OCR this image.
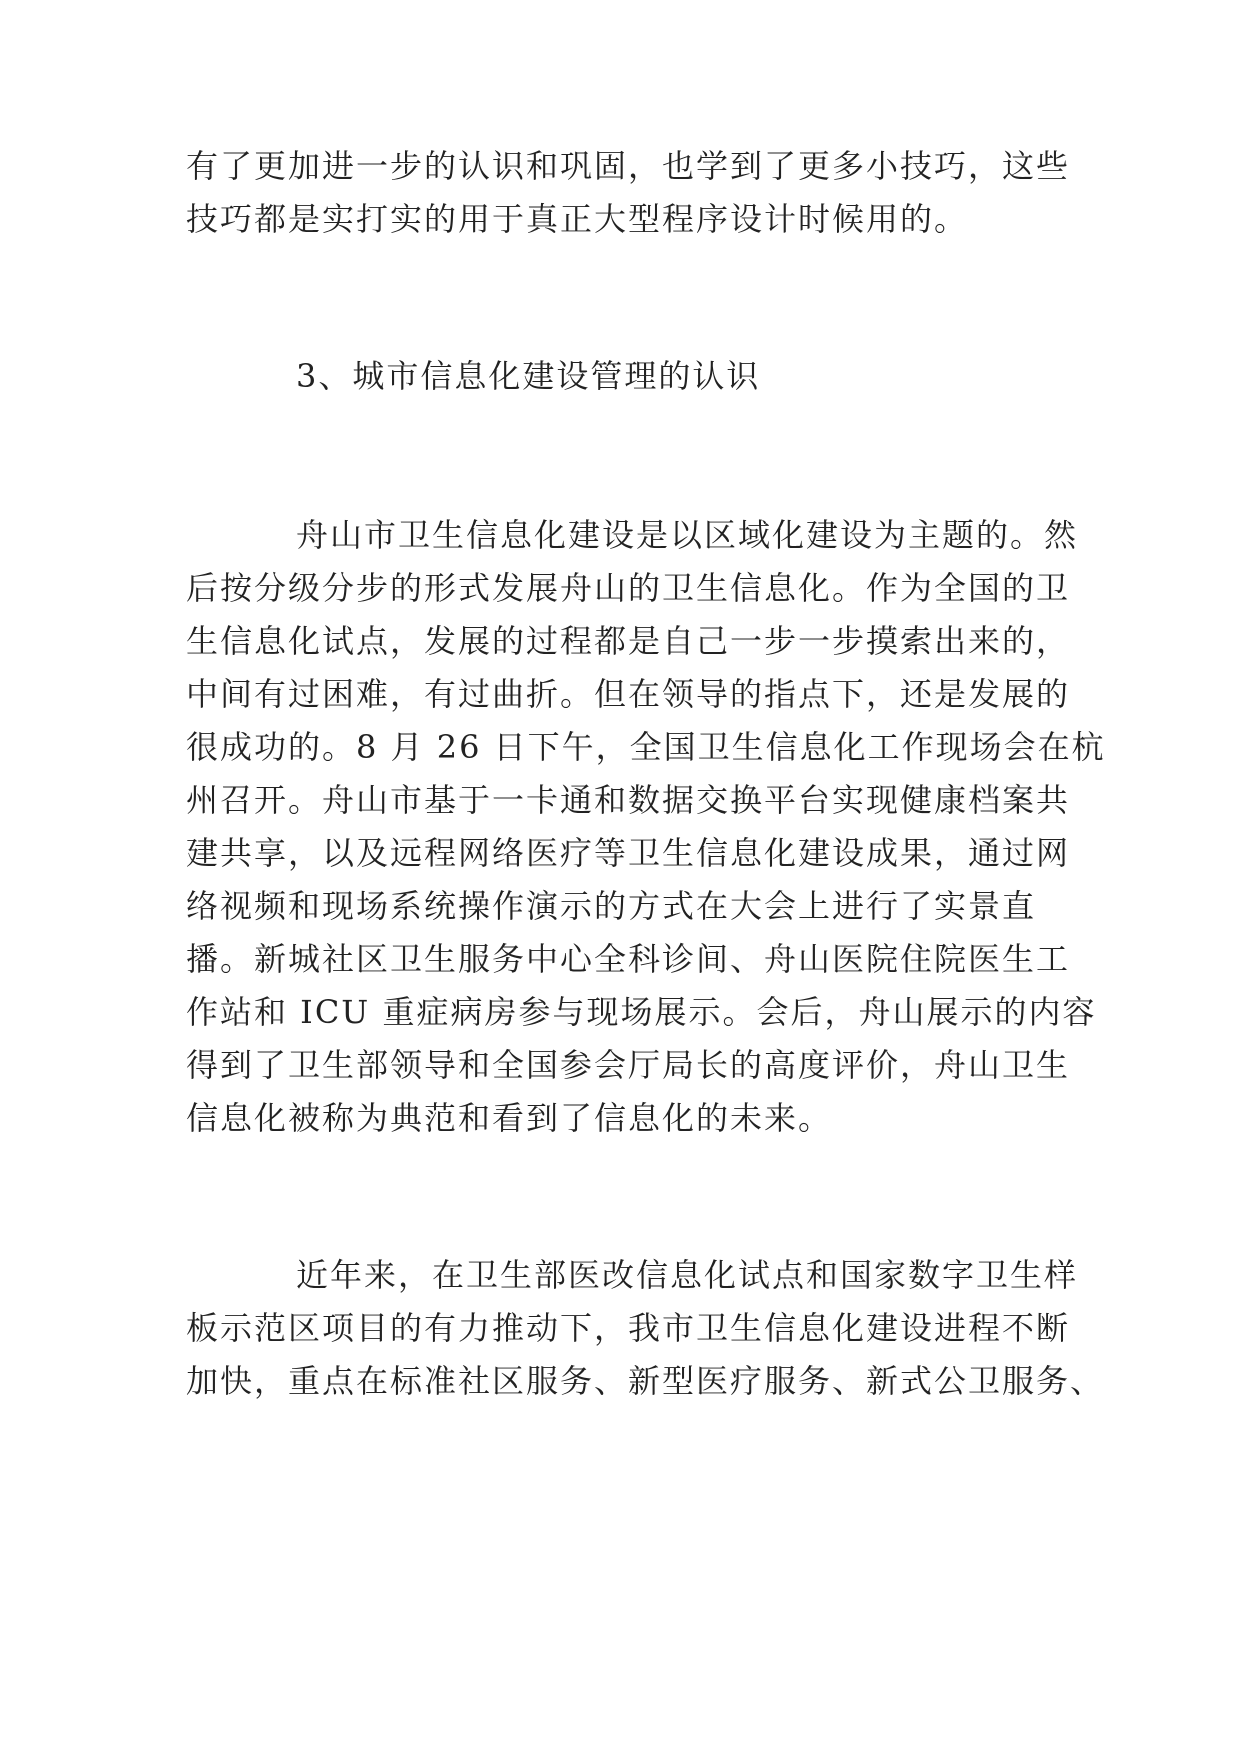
有了更加进一步的认识和巩固，也学到了更多小技巧，这些
技巧都是实打实的用于真正大型程序设计时候用的。
3、城市信息化建设管理的认识
舟山市卫生信息化建设是以区域化建设为主题的。然
后按分级分步的形式发展舟山的卫生信息化。作为全国的卫
生信息化试点，发展的过程都是自己一步一步摸索出来的，
中间有过困难，有过曲折。但在领导的指点下，还是发展的
很成功的。8 月 26 日下午，全国卫生信息化工作现场会在杭
州召开。舟山市基于一卡通和数据交换平台实现健康档案共
建共享，以及远程网络医疗等卫生信息化建设成果，通过网
络视频和现场系统操作演示的方式在大会上进行了实景直
播。新城社区卫生服务中心全科诊间、舟山医院住院医生工
作站和 ICU 重症病房参与现场展示。会后，舟山展示的内容
得到了卫生部领导和全国参会厅局长的高度评价，舟山卫生
信息化被称为典范和看到了信息化的未来。
近年来，在卫生部医改信息化试点和国家数字卫生样
板示范区项目的有力推动下，我市卫生信息化建设进程不断
加快，重点在标准社区服务、新型医疗服务、新式公卫服务、
